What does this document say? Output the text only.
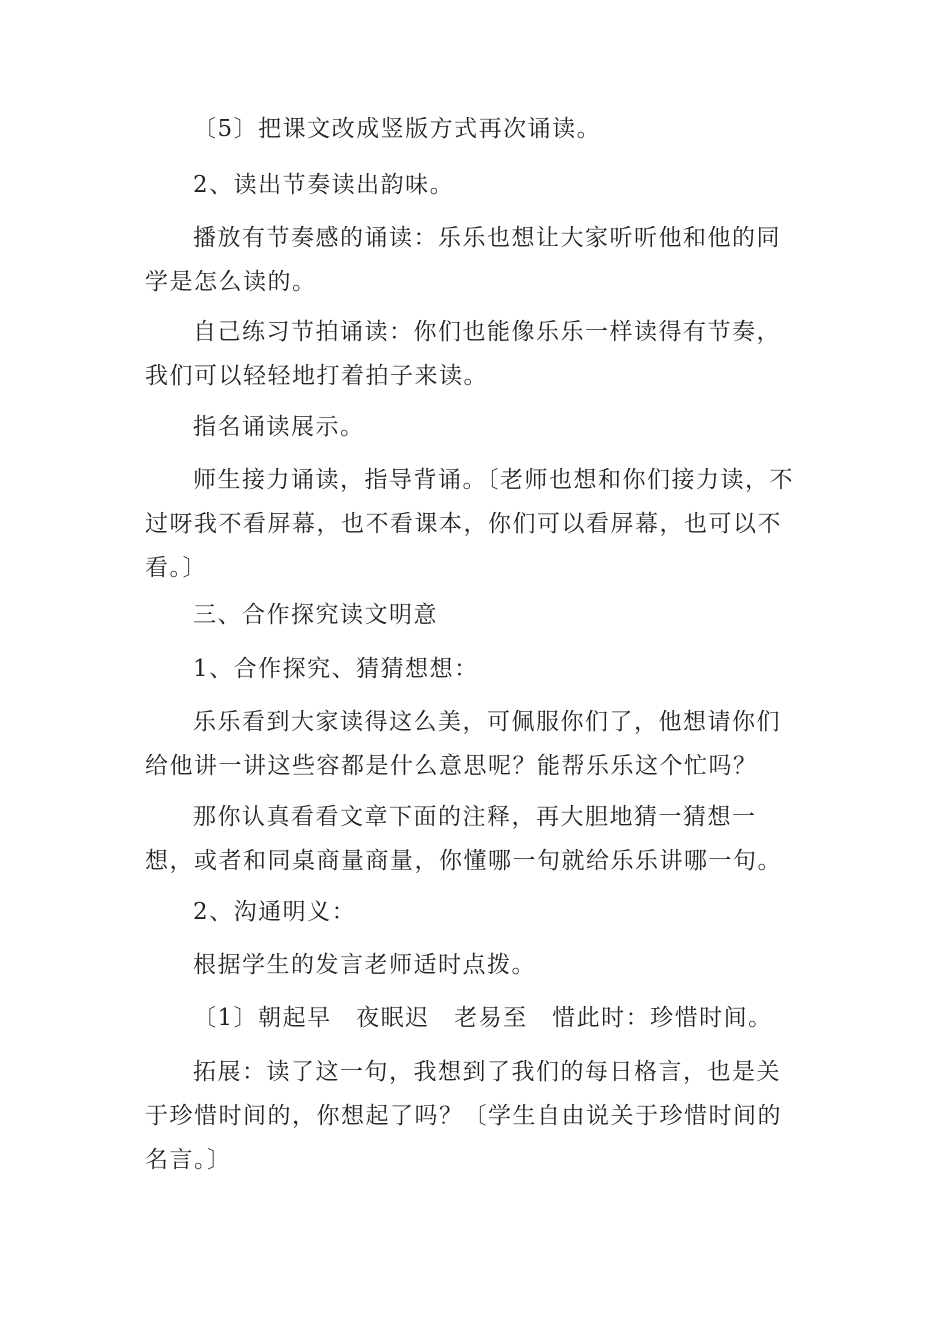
〔5〕把课文改成竖版方式再次诵读。

2、读出节奏读出韵味。

播放有节奏感的诵读：乐乐也想让大家听听他和他的同学是怎么读的。

自己练习节拍诵读：你们也能像乐乐一样读得有节奏，我们可以轻轻地打着拍子来读。

指名诵读展示。

师生接力诵读，指导背诵。〔老师也想和你们接力读，不过呀我不看屏幕，也不看课本，你们可以看屏幕，也可以不看。〕

三、合作探究读文明意

1、合作探究、猜猜想想：

乐乐看到大家读得这么美，可佩服你们了，他想请你们给他讲一讲这些容都是什么意思呢？能帮乐乐这个忙吗？

那你认真看看文章下面的注释，再大胆地猜一猜想一想，或者和同桌商量商量，你懂哪一句就给乐乐讲哪一句。

2、沟通明义：

根据学生的发言老师适时点拨。

〔1〕朝起早　夜眠迟　老易至　惜此时：珍惜时间。

拓展：读了这一句，我想到了我们的每日格言，也是关于珍惜时间的，你想起了吗？〔学生自由说关于珍惜时间的名言。〕
